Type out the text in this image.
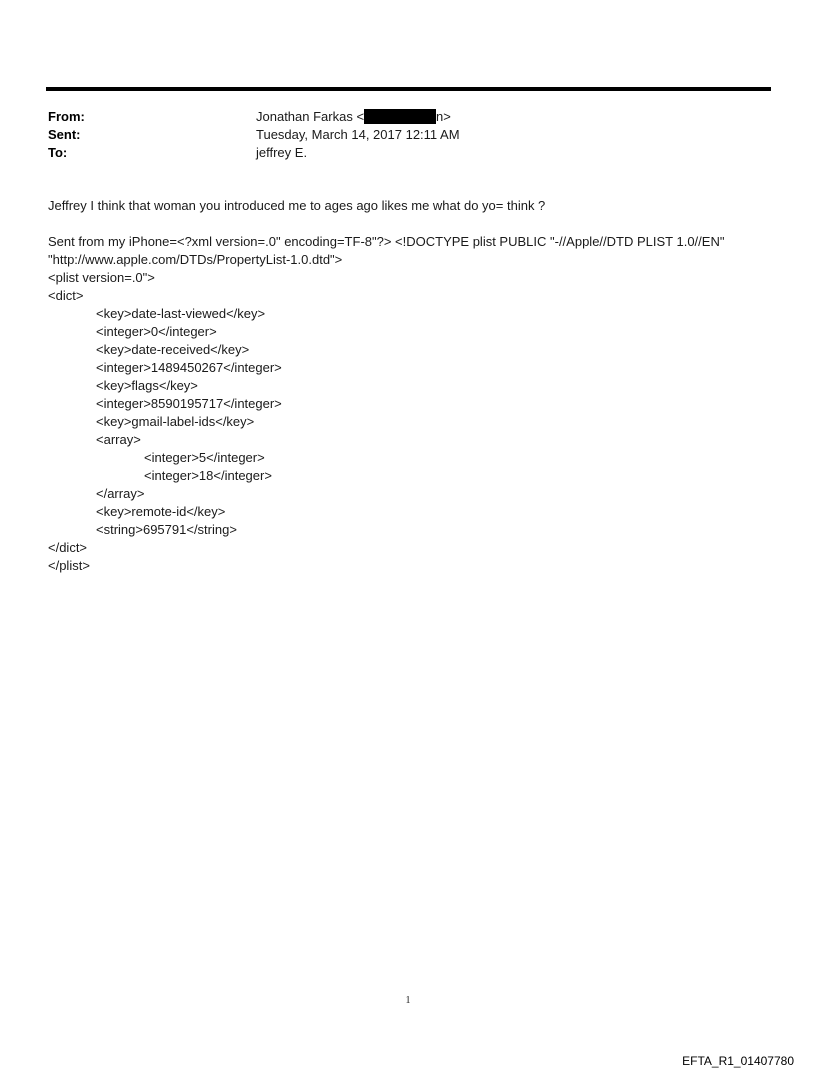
From:	Jonathan Farkas <	n>
Sent:	Tuesday, March 14, 2017 12:11 AM
To:	jeffrey E.

Jeffrey I think that woman you introduced me to ages ago likes me what do yo= think ?

Sent from my iPhone=<?xml version=.0" encoding=TF-8"?> <!DOCTYPE plist PUBLIC "-//Apple//DTD PLIST 1.0//EN"

"http://www.apple.com/DTDs/PropertyList-1.0.dtd">

<plist version=.0">

<dict>

<key>date-last-viewed</key>

<integer>0</integer>

<key>date-received</key>

<integer>1489450267</integer>

<key>flags</key>

<integer>8590195717</integer>

<key>gmail-label-ids</key>

<array>

<integer>5</integer>

<integer>18</integer>

</array>

<key>remote-id</key>

<string>695791</string>

</dict>

</plist>

1
EFTA_R1_01407780
